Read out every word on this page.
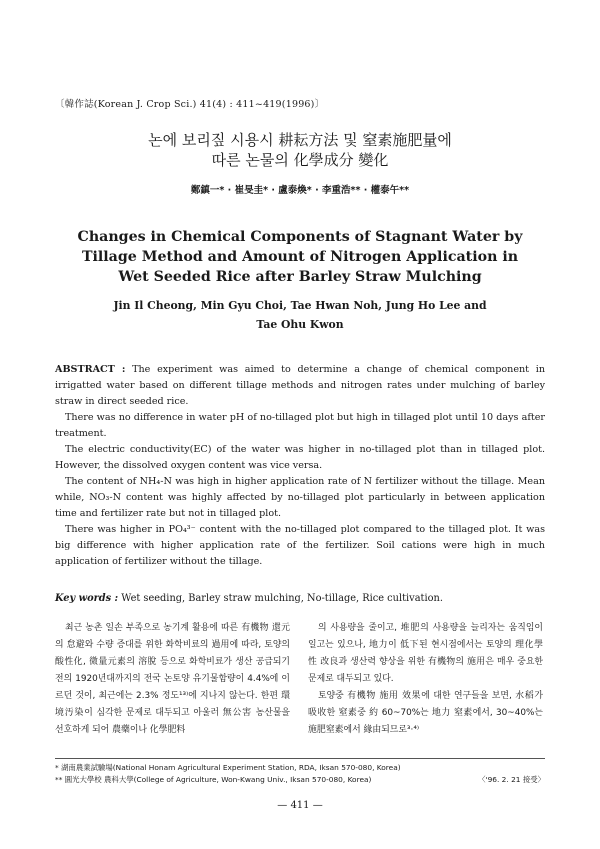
〔韓作誌(Korean J. Crop Sci.) 41(4) : 411~419(1996)〕
논에 보리짚 시용시 耕耘方法 및 窒素施肥量에
따른 논물의 化學成分 變化
鄭鎮一* · 崔旻圭* · 盧泰煥* · 李重浩** · 權泰午**
Changes in Chemical Components of Stagnant Water by
Tillage Method and Amount of Nitrogen Application in
Wet Seeded Rice after Barley Straw Mulching
Jin Il Cheong, Min Gyu Choi, Tae Hwan Noh, Jung Ho Lee and
Tae Ohu Kwon

ABSTRACT : The experiment was aimed to determine a change of chemical component in irrigatted water based on different tillage methods and nitrogen rates under mulching of barley straw in direct seeded rice.

There was no difference in water pH of no-tillaged plot but high in tillaged plot until 10 days after treatment.

The electric conductivity(EC) of the water was higher in no-tillaged plot than in tillaged plot. However, the dissolved oxygen content was vice versa.

The content of NH₄-N was high in higher application rate of N fertilizer without the tillage. Mean while, NO₃-N content was highly affected by no-tillaged plot particularly in between application time and fertilizer rate but not in tillaged plot.

There was higher in PO₄³⁻ content with the no-tillaged plot compared to the tillaged plot. It was big difference with higher application rate of the fertilizer. Soil cations were high in much application of fertilizer without the tillage.

Key words : Wet seeding, Barley straw mulching, No-tillage, Rice cultivation.

최근 농촌 일손 부족으로 농기계 활용에 따른 有機物 還元의 怠避와 수량 증대를 위한 화학비료의 過用에 따라, 토양의 酸性化, 微量元素의 溶脫 등으로 화학비료가 생산 공급되기 전의 1920년대까지의 전국 논토양 유기물함량이 4.4%에 이르던 것이, 최근에는 2.3% 정도¹³⁾에 지나지 않는다. 한편 環境汚染이 심각한 문제로 대두되고 아울러 無公害 농산물을 선호하게 되어 農藥이나 化學肥料

의 사용량을 줄이고, 堆肥의 사용량을 늘리자는 움직임이 일고는 있으나, 地力이 低下된 현시점에서는 토양의 理化學性 改良과 생산력 향상을 위한 有機物의 施用은 매우 중요한 문제로 대두되고 있다.

토양중 有機物 施用 效果에 대한 연구들을 보면, 水稻가 吸收한 窒素중 約 60~70%는 地力 窒素에서, 30~40%는 施肥窒素에서 緣由되므로³·⁴⁾

* 湖南農業試驗場(National Honam Agricultural Experiment Station, RDA, Iksan 570-080, Korea)
** 圓光大學校 農科大學(College of Agriculture, Won-Kwang Univ., Iksan 570-080, Korea)	〈'96. 2. 21 接受〉
— 411 —
